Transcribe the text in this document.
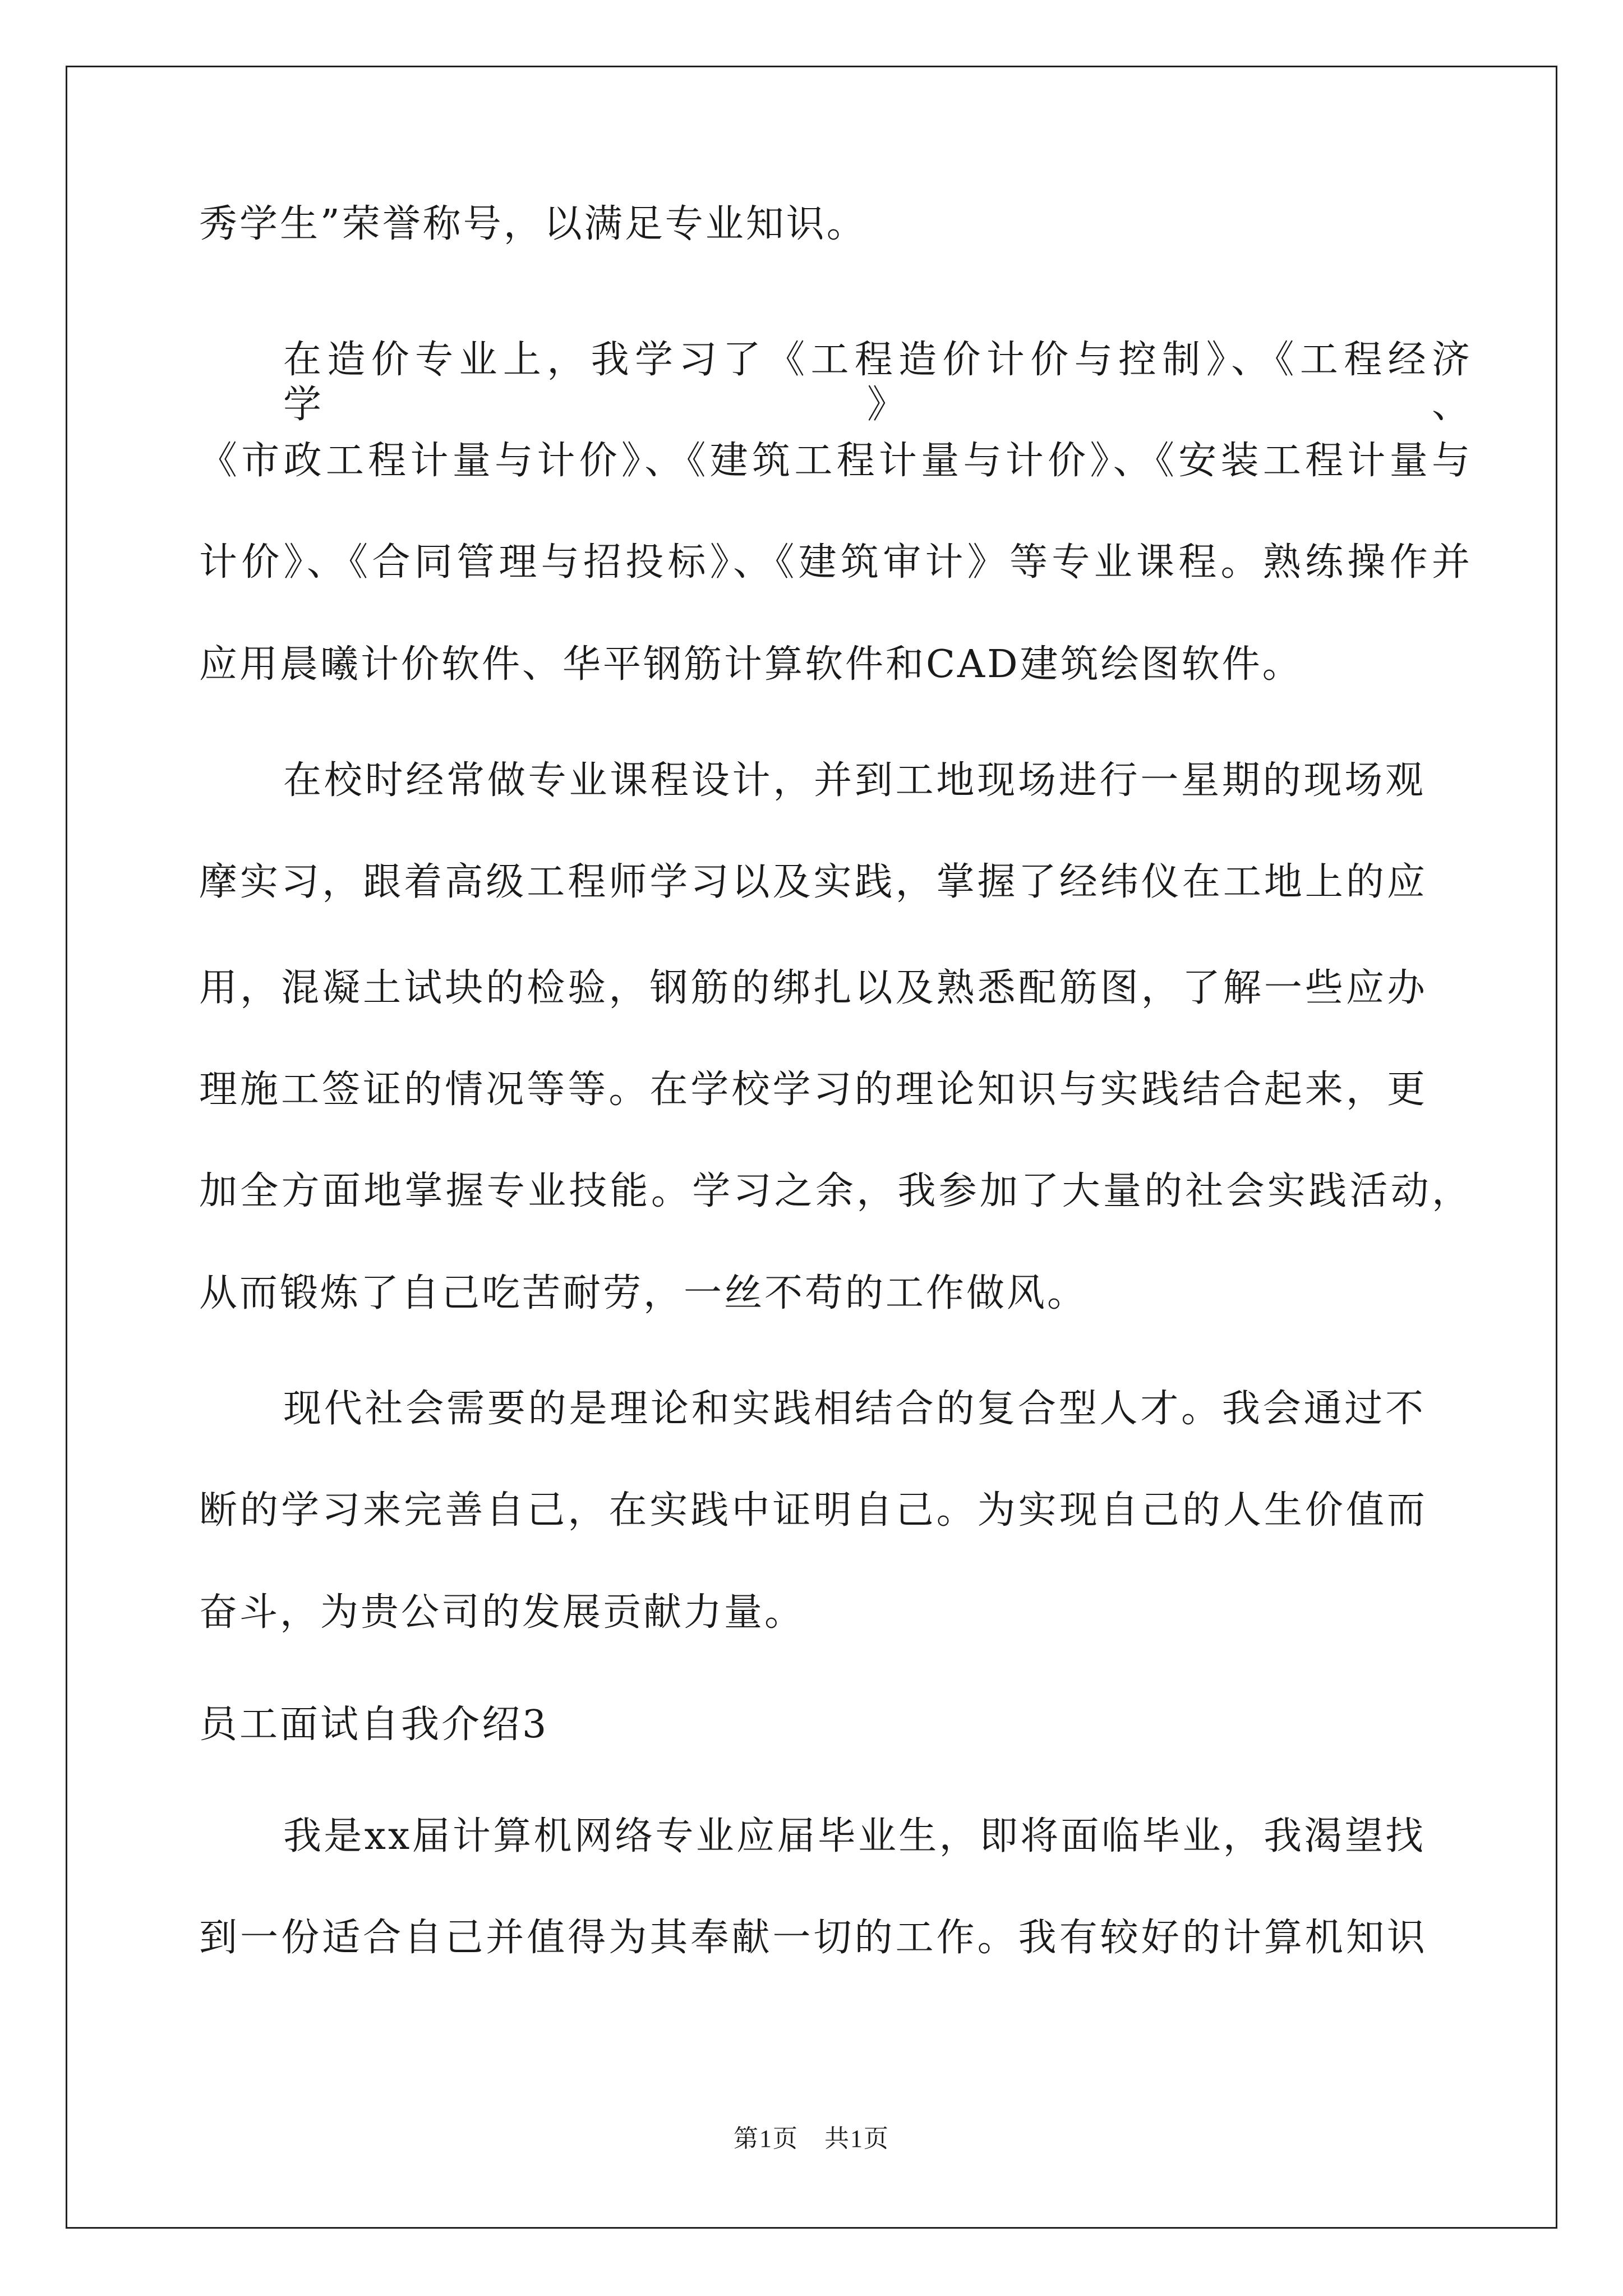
秀学生”荣誉称号，以满足专业知识。
在造价专业上，我学习了《工程造价计价与控制》、《工程经济学》、
《市政工程计量与计价》、《建筑工程计量与计价》、《安装工程计量与
计价》、《合同管理与招投标》、《建筑审计》等专业课程。熟练操作并
应用晨曦计价软件、华平钢筋计算软件和CAD建筑绘图软件。
在校时经常做专业课程设计，并到工地现场进行一星期的现场观
摩实习，跟着高级工程师学习以及实践，掌握了经纬仪在工地上的应
用，混凝土试块的检验，钢筋的绑扎以及熟悉配筋图，了解一些应办
理施工签证的情况等等。在学校学习的理论知识与实践结合起来，更
加全方面地掌握专业技能。学习之余，我参加了大量的社会实践活动，
从而锻炼了自己吃苦耐劳，一丝不苟的工作做风。
现代社会需要的是理论和实践相结合的复合型人才。我会通过不
断的学习来完善自己，在实践中证明自己。为实现自己的人生价值而
奋斗，为贵公司的发展贡献力量。
员工面试自我介绍3
我是xx届计算机网络专业应届毕业生，即将面临毕业，我渴望找
到一份适合自己并值得为其奉献一切的工作。我有较好的计算机知识
第1页　共1页
